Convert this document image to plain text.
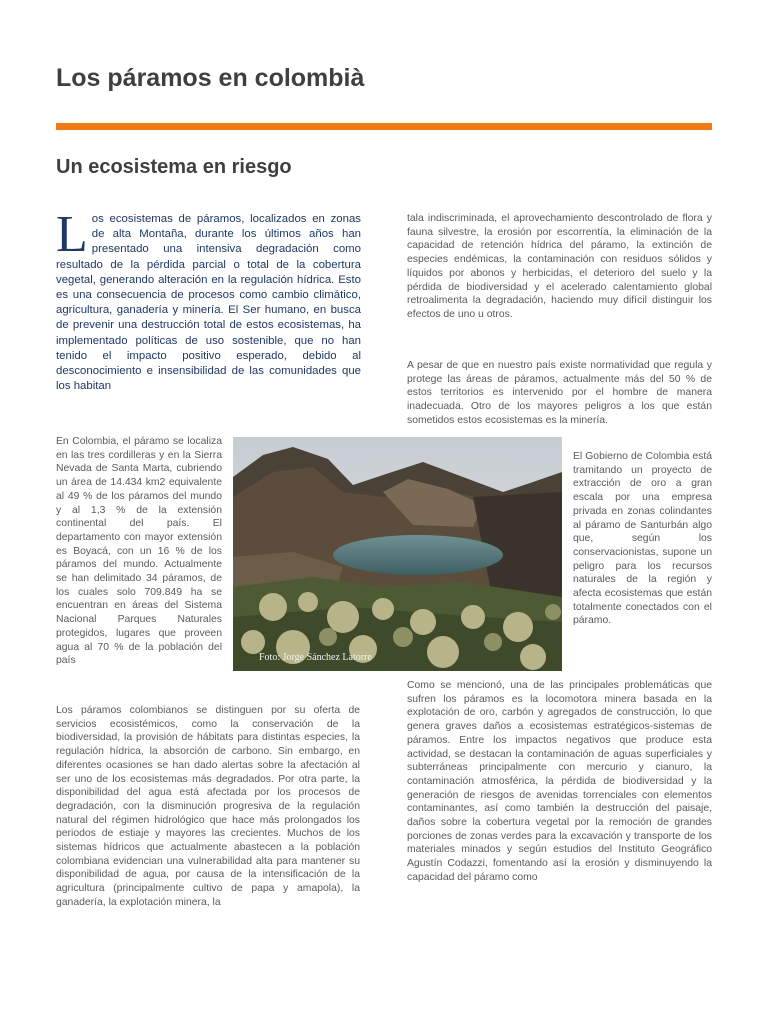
Los páramos en colombià
Un ecosistema en riesgo

Los ecosistemas de páramos, localizados en zonas de alta Montaña, durante los últimos años han presentado una intensiva degradación como resultado de la pérdida parcial o total de la cobertura vegetal, generando alteración en la regulación hídrica. Esto es una consecuencia de procesos como cambio climático, agricultura, ganadería y minería. El Ser humano, en busca de prevenir una destrucción total de estos ecosistemas, ha implementado políticas de uso sostenible, que no han tenido el impacto positivo esperado, debido al desconocimiento e insensibilidad de las comunidades que los habitan

En Colombia, el páramo se localiza en las tres cordilleras y en la Sierra Nevada de Santa Marta, cubriendo un área de 14.434 km2 equivalente al 49 % de los páramos del mundo y al 1,3 % de la extensión continental del país. El departamento con mayor extensión es Boyacá, con un 16 % de los páramos del mundo. Actualmente se han delimitado 34 páramos, de los cuales solo 709.849 ha se encuentran en áreas del Sistema Nacional Parques Naturales protegidos, lugares que proveen agua al 70 % de la población del país	Foto: Jorge Sánchez Latorre

Los páramos colombianos se distinguen por su oferta de servicios ecosistémicos, como la conservación de la biodiversidad, la provisión de hábitats para distintas especies, la regulación hídrica, la absorción de carbono. Sin embargo, en diferentes ocasiones se han dado alertas sobre la afectación al ser uno de los ecosistemas más degradados. Por otra parte, la disponibilidad del agua está afectada por los procesos de degradación, con la disminución progresiva de la regulación natural del régimen hidrológico que hace más prolongados los periodos de estiaje y mayores las crecientes. Muchos de los sistemas hídricos que actualmente abastecen a la población colombiana evidencian una vulnerabilidad alta para mantener su disponibilidad de agua, por causa de la intensificación de la agricultura (principalmente cultivo de papa y amapola), la ganadería, la explotación minera, la

tala indiscriminada, el aprovechamiento descontrolado de flora y fauna silvestre, la erosión por escorrentía, la eliminación de la capacidad de retención hídrica del páramo, la extinción de especies endémicas, la contaminación con residuos sólidos y líquidos por abonos y herbicidas, el deterioro del suelo y la pérdida de biodiversidad y el acelerado calentamiento global retroalimenta la degradación, haciendo muy difícil distinguir los efectos de uno u otros.

A pesar de que en nuestro país existe normatividad que regula y protege las áreas de páramos, actualmente más del 50 % de estos territorios es intervenido por el hombre de manera inadecuada. Otro de los mayores peligros a los que están sometidos estos ecosistemas es la minería.

El Gobierno de Colombia está tramitando un proyecto de extracción de oro a gran escala por una empresa privada en zonas colindantes al páramo de Santurbán algo que, según los conservacionistas, supone un peligro para los recursos naturales de la región y afecta ecosistemas que están totalmente conectados con el páramo.

Como se mencionó, una de las principales problemáticas que sufren los páramos es la locomotora minera basada en la explotación de oro, carbón y agregados de construcción, lo que genera graves daños a ecosistemas estratégicos-sistemas de páramos. Entre los impactos negativos que produce esta actividad, se destacan la contaminación de aguas superficiales y subterráneas principalmente con mercurio y cianuro, la contaminación atmosférica, la pérdida de biodiversidad y la generación de riesgos de avenidas torrenciales con elementos contaminantes, así como también la destrucción del paisaje, daños sobre la cobertura vegetal por la remoción de grandes porciones de zonas verdes para la excavación y transporte de los materiales minados y según estudios del Instituto Geográfico Agustín Codazzi, fomentando así la erosión y disminuyendo la capacidad del páramo como
